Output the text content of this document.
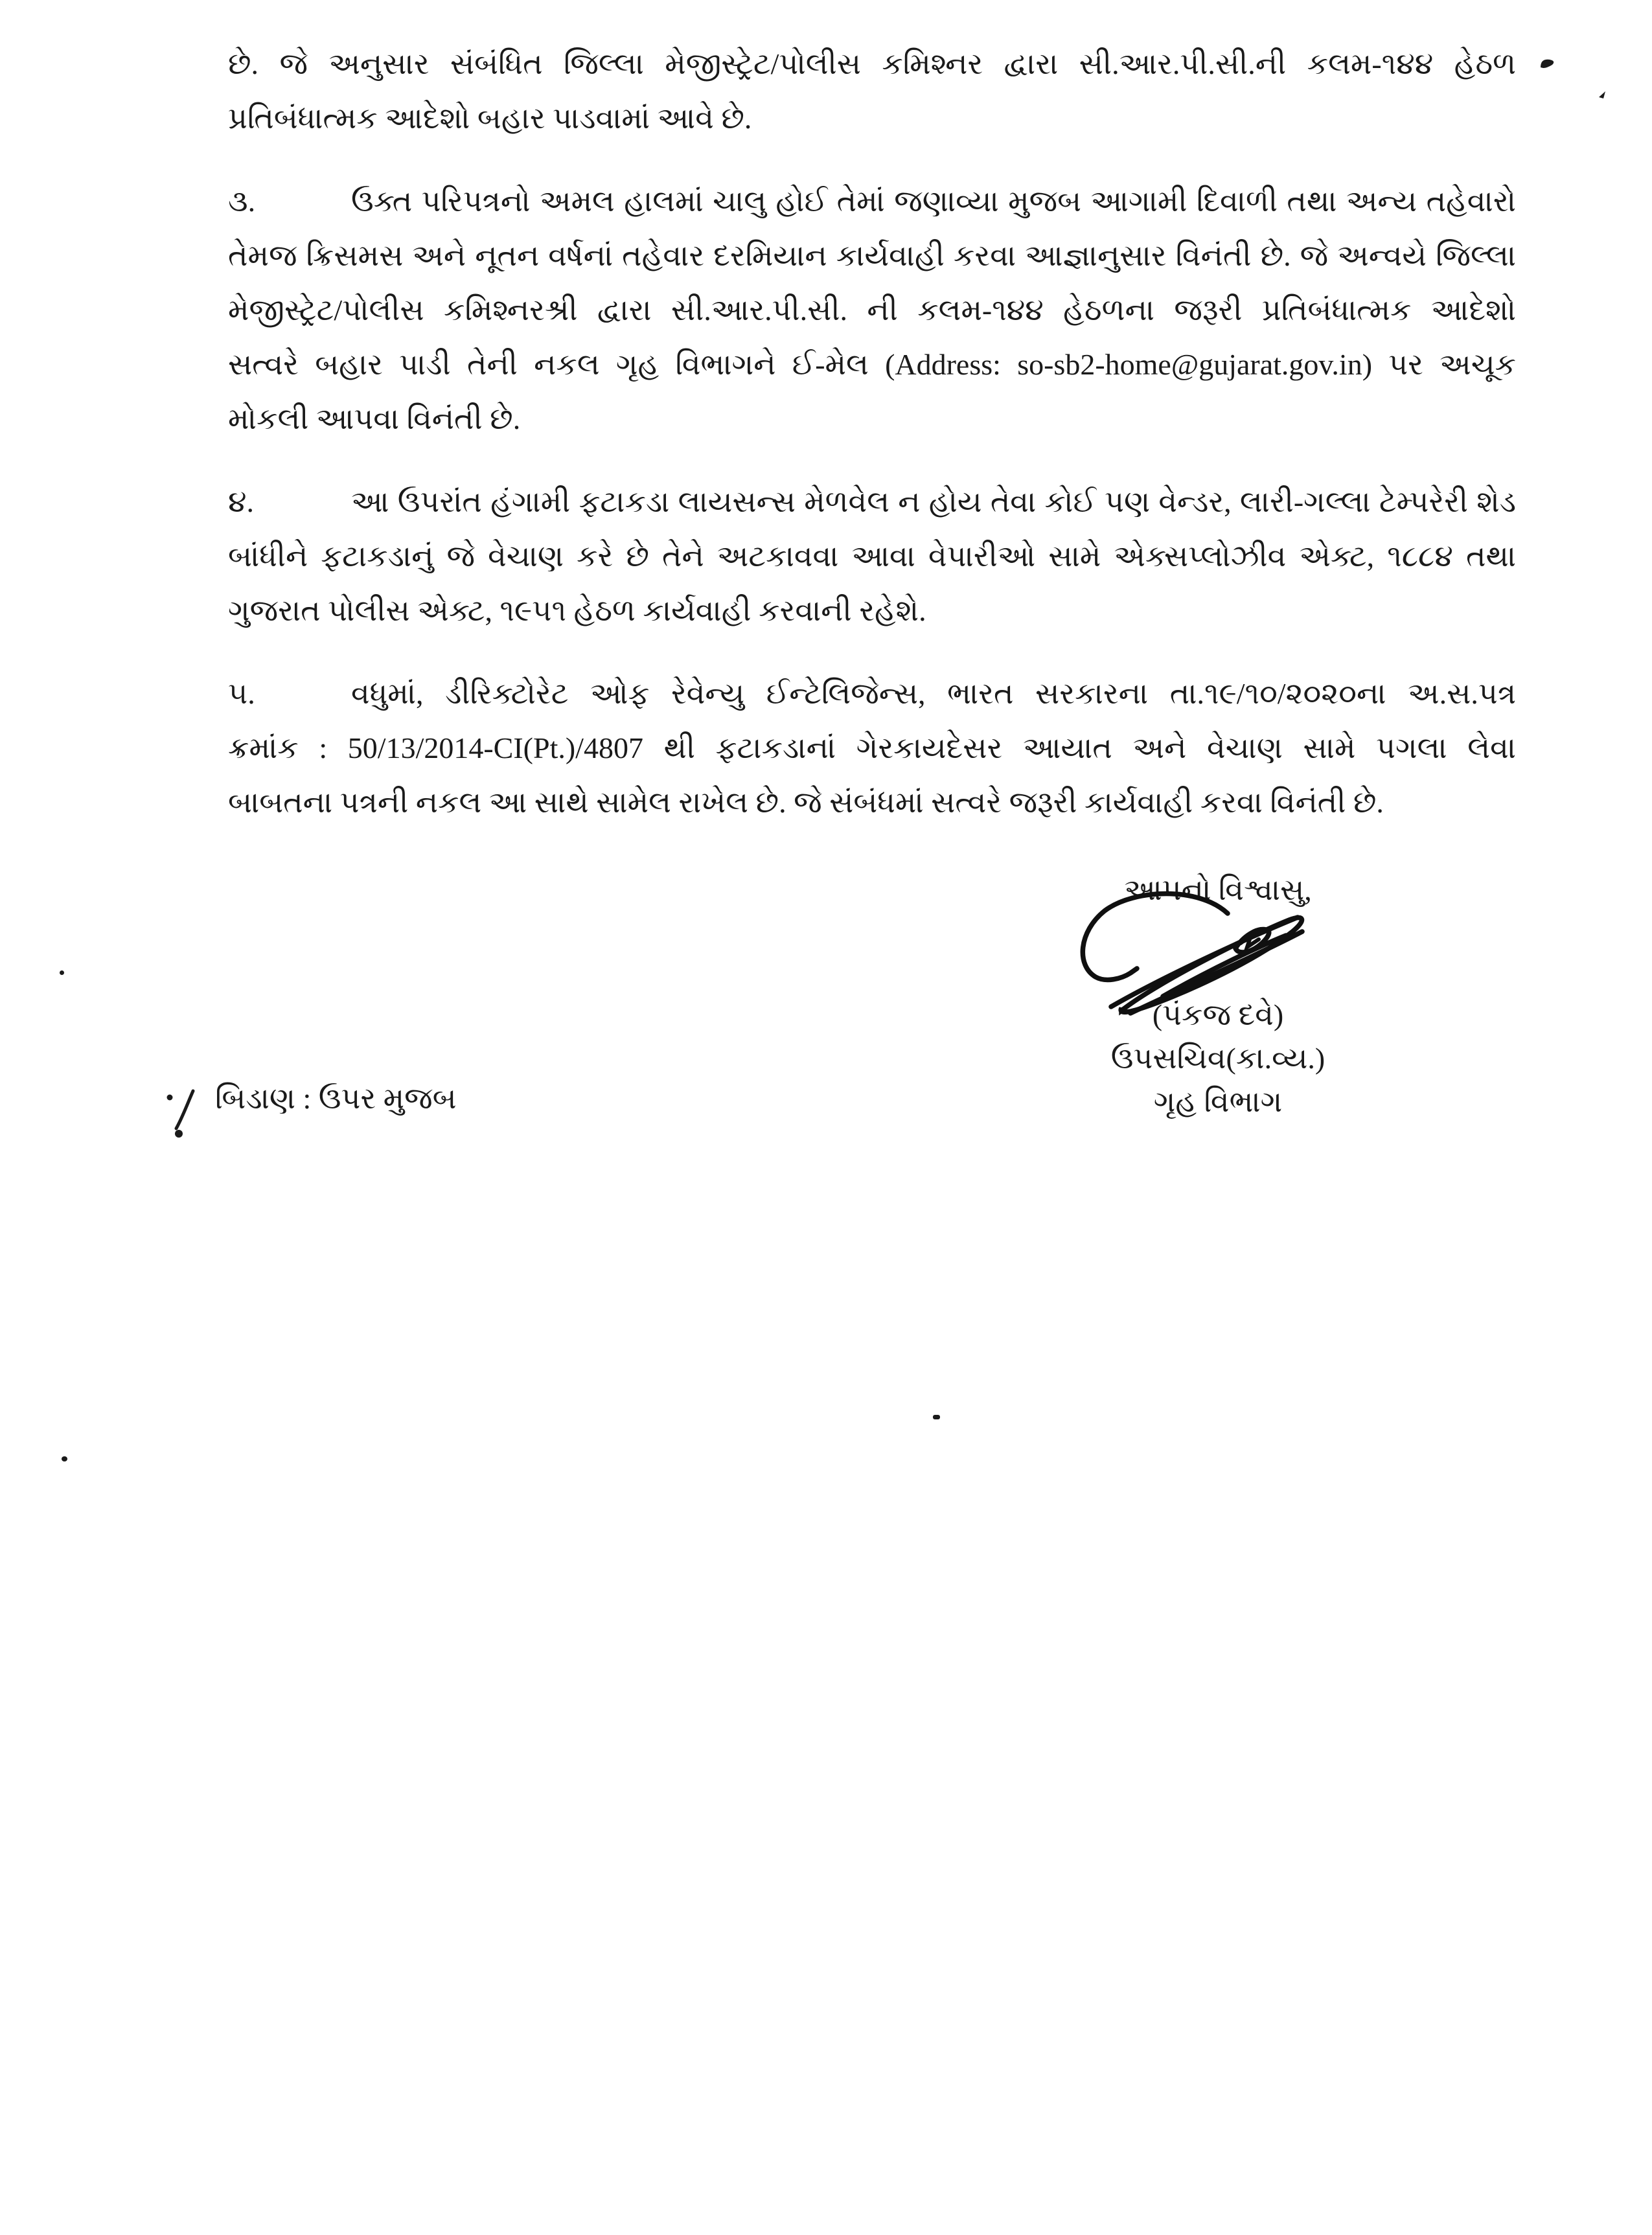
છે. જે અનુસાર સંબંધિત જિલ્લા મેજીસ્ટ્રેટ/પોલીસ કમિશ્નર દ્વારા સી.આર.પી.સી.ની કલમ-૧૪૪ હેઠળ
પ્રતિબંધાત્મક આદેશો બહાર પાડવામાં આવે છે.
૩.	ઉક્ત પરિપત્રનો અમલ હાલમાં ચાલુ હોઈ તેમાં જણાવ્યા મુજબ આગામી દિવાળી તથા અન્ય તહેવારો
તેમજ ક્રિસમસ અને નૂતન વર્ષનાં તહેવાર દરમિયાન કાર્યવાહી કરવા આજ્ઞાનુસાર વિનંતી છે. જે અન્વયે જિલ્લા
મેજીસ્ટ્રેટ/પોલીસ કમિશ્નરશ્રી દ્વારા સી.આર.પી.સી. ની કલમ-૧૪૪ હેઠળના જરૂરી પ્રતિબંધાત્મક આદેશો
સત્વરે બહાર પાડી તેની નકલ ગૃહ વિભાગને ઈ-મેલ (Address: so-sb2-home@gujarat.gov.in) પર અચૂક
મોકલી આપવા વિનંતી છે.
૪.	આ ઉપરાંત હંગામી ફટાકડા લાયસન્સ મેળવેલ ન હોય તેવા કોઈ પણ વેન્ડર, લારી-ગલ્લા ટેમ્પરેરી શેડ
બાંધીને ફટાકડાનું જે વેચાણ કરે છે તેને અટકાવવા આવા વેપારીઓ સામે એક્સપ્લોઝીવ એક્ટ, ૧૮૮૪ તથા
ગુજરાત પોલીસ એક્ટ, ૧૯૫૧ હેઠળ કાર્યવાહી કરવાની રહેશે.
૫.	વધુમાં, ડીરિક્ટોરેટ ઓફ રેવેન્યુ ઈન્ટેલિજેન્સ, ભારત સરકારના તા.૧૯/૧૦/૨૦૨૦ના અ.સ.પત્ર
ક્રમાંક : 50/13/2014-CI(Pt.)/4807 થી ફટાકડાનાં ગેરકાયદેસર આયાત અને વેચાણ સામે પગલા લેવા
બાબતના પત્રની નકલ આ સાથે સામેલ રાખેલ છે. જે સંબંધમાં સત્વરે જરૂરી કાર્યવાહી કરવા વિનંતી છે.
આપનો વિશ્વાસુ,
(પંકજ દવે)
ઉપસચિવ(કા.વ્ય.)
ગૃહ વિભાગ
બિડાણ : ઉપર મુજબ
